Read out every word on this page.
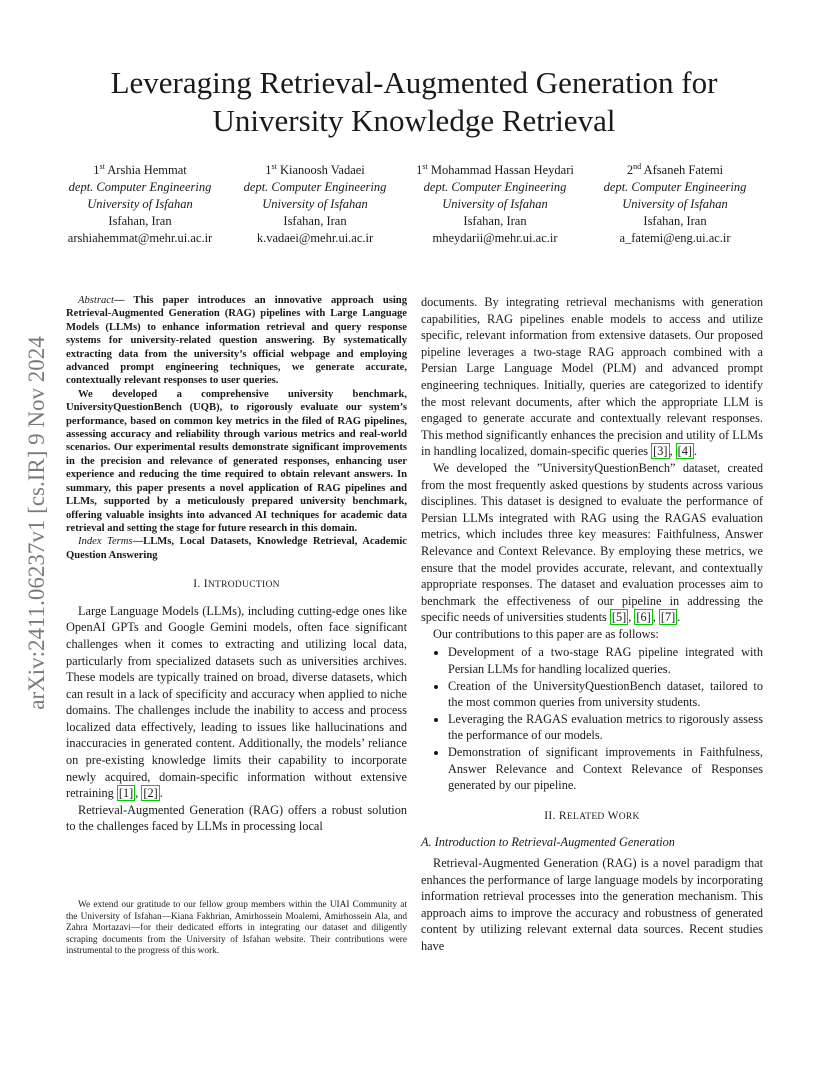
Leveraging Retrieval-Augmented Generation for
University Knowledge Retrieval
1st Arshia Hemmat
dept. Computer Engineering
University of Isfahan
Isfahan, Iran
arshiahemmat@mehr.ui.ac.ir
1st Kianoosh Vadaei
dept. Computer Engineering
University of Isfahan
Isfahan, Iran
k.vadaei@mehr.ui.ac.ir
1st Mohammad Hassan Heydari
dept. Computer Engineering
University of Isfahan
Isfahan, Iran
mheydarii@mehr.ui.ac.ir
2nd Afsaneh Fatemi
dept. Computer Engineering
University of Isfahan
Isfahan, Iran
a_fatemi@eng.ui.ac.ir
arXiv:2411.06237v1 [cs.IR] 9 Nov 2024

Abstract— This paper introduces an innovative approach using Retrieval-Augmented Generation (RAG) pipelines with Large Language Models (LLMs) to enhance information retrieval and query response systems for university-related question answering. By systematically extracting data from the university’s official webpage and employing advanced prompt engineering techniques, we generate accurate, contextually relevant responses to user queries.

We developed a comprehensive university benchmark, UniversityQuestionBench (UQB), to rigorously evaluate our system’s performance, based on common key metrics in the filed of RAG pipelines, assessing accuracy and reliability through various metrics and real-world scenarios. Our experimental results demonstrate significant improvements in the precision and relevance of generated responses, enhancing user experience and reducing the time required to obtain relevant answers. In summary, this paper presents a novel application of RAG pipelines and LLMs, supported by a meticulously prepared university benchmark, offering valuable insights into advanced AI techniques for academic data retrieval and setting the stage for future research in this domain.

Index Terms—LLMs, Local Datasets, Knowledge Retrieval, Academic Question Answering

I. INTRODUCTION

Large Language Models (LLMs), including cutting-edge ones like OpenAI GPTs and Google Gemini models, often face significant challenges when it comes to extracting and utilizing local data, particularly from specialized datasets such as universities archives. These models are typically trained on broad, diverse datasets, which can result in a lack of specificity and accuracy when applied to niche domains. The challenges include the inability to access and process localized data effectively, leading to issues like hallucinations and inaccuracies in generated content. Additionally, the models’ reliance on pre-existing knowledge limits their capability to incorporate newly acquired, domain-specific information without extensive retraining [1] , [2] .

Retrieval-Augmented Generation (RAG) offers a robust solution to the challenges faced by LLMs in processing local

We extend our gratitude to our fellow group members within the UIAI Community at the University of Isfahan—Kiana Fakhrian, Amirhossein Moalemi, Amirhossein Ala, and Zahra Mortazavi—for their dedicated efforts in integrating our dataset and diligently scraping documents from the University of Isfahan website. Their contributions were instrumental to the progress of this work.

documents. By integrating retrieval mechanisms with generation capabilities, RAG pipelines enable models to access and utilize specific, relevant information from extensive datasets. Our proposed pipeline leverages a two-stage RAG approach combined with a Persian Large Language Model (PLM) and advanced prompt engineering techniques. Initially, queries are categorized to identify the most relevant documents, after which the appropriate LLM is engaged to generate accurate and contextually relevant responses. This method significantly enhances the precision and utility of LLMs in handling localized, domain-specific queries [3] , [4] .

We developed the ”UniversityQuestionBench” dataset, created from the most frequently asked questions by students across various disciplines. This dataset is designed to evaluate the performance of Persian LLMs integrated with RAG using the RAGAS evaluation metrics, which includes three key measures: Faithfulness, Answer Relevance and Context Relevance. By employing these metrics, we ensure that the model provides accurate, relevant, and contextually appropriate responses. The dataset and evaluation processes aim to benchmark the effectiveness of our pipeline in addressing the specific needs of universities students [5] , [6] , [7] .

Our contributions to this paper are as follows:

• Development of a two-stage RAG pipeline integrated with Persian LLMs for handling localized queries.
• Creation of the UniversityQuestionBench dataset, tailored to the most common queries from university students.
• Leveraging the RAGAS evaluation metrics to rigorously assess the performance of our models.
• Demonstration of significant improvements in Faithfulness, Answer Relevance and Context Relevance of Responses generated by our pipeline.
II. RELATED WORK
A. Introduction to Retrieval-Augmented Generation

Retrieval-Augmented Generation (RAG) is a novel paradigm that enhances the performance of large language models by incorporating information retrieval processes into the generation mechanism. This approach aims to improve the accuracy and robustness of generated content by utilizing relevant external data sources. Recent studies have
